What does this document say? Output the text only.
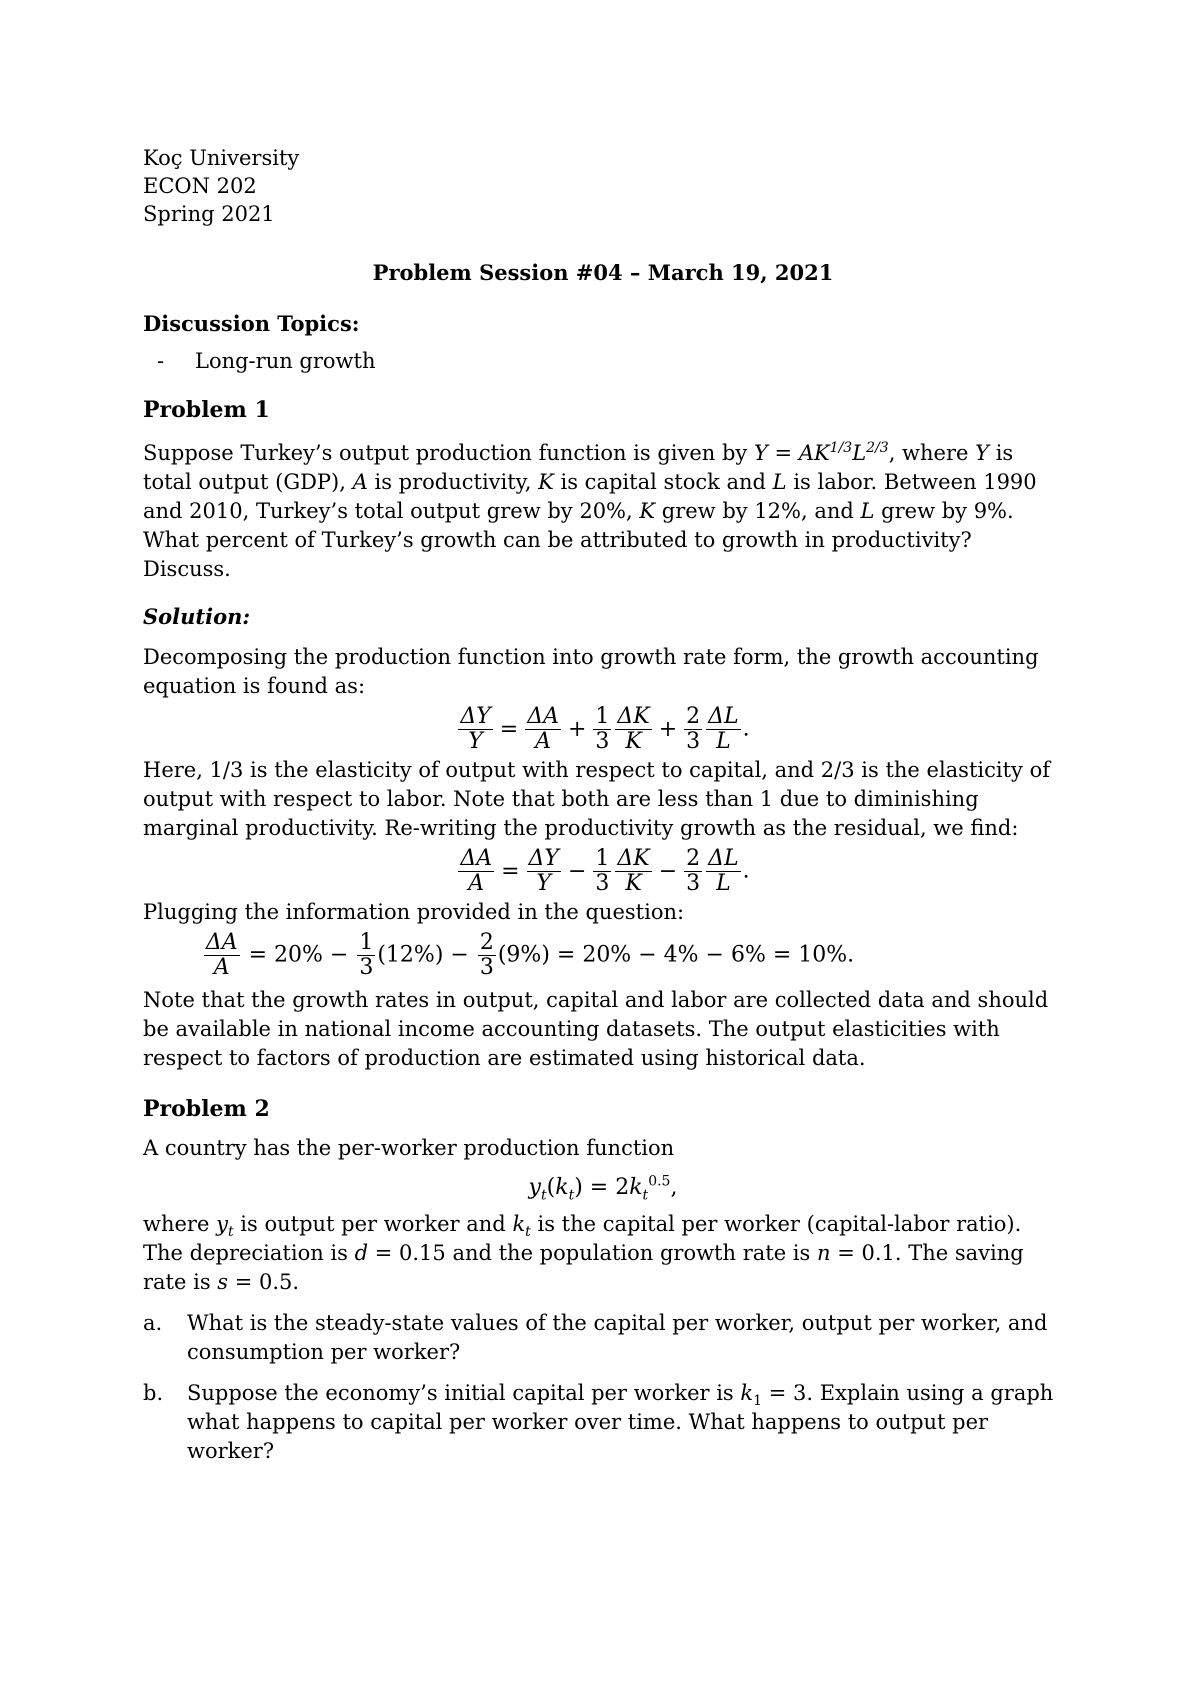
Koç University
ECON 202
Spring 2021
Problem Session #04 – March 19, 2021
Discussion Topics:
- Long-run growth
Problem 1

Suppose Turkey’s output production function is given by $Y = AK^{1/3}L^{2/3}$, where Y is total output (GDP), A is productivity, K is capital stock and L is labor. Between 1990 and 2010, Turkey’s total output grew by 20%, K grew by 12%, and L grew by 9%. What percent of Turkey’s growth can be attributed to growth in productivity? Discuss.

Solution:

Decomposing the production function into growth rate form, the growth accounting equation is found as:

$\frac{\Delta Y}{Y} = \frac{\Delta A}{A} + \frac{1}{3} \frac{\Delta K}{K} + \frac{2}{3} \frac{\Delta L}{L}$ .

Here, 1/3 is the elasticity of output with respect to capital, and 2/3 is the elasticity of output with respect to labor. Note that both are less than 1 due to diminishing marginal productivity. Re-writing the productivity growth as the residual, we find:

$\frac{\Delta A}{A} = \frac{\Delta Y}{Y} - \frac{1}{3} \frac{\Delta K}{K} - \frac{2}{3} \frac{\Delta L}{L}$ .

Plugging the information provided in the question:

$\frac{\Delta A}{A} = 20\% - \frac{1}{3} (12\%) - \frac{2}{3} (9\%) = 20\% - 4\% - 6\% = 10\%$.

Note that the growth rates in output, capital and labor are collected data and should be available in national income accounting datasets. The output elasticities with respect to factors of production are estimated using historical data.

Problem 2

A country has the per-worker production function

$y_t(k_t) = 2k_t^{0.5}$,

where $y_t$ is output per worker and $k_t$ is the capital per worker (capital-labor ratio). The depreciation is d = 0.15 and the population growth rate is n = 0.1. The saving rate is s = 0.5.

a.	What is the steady-state values of the capital per worker, output per worker, and consumption per worker?
b.	Suppose the economy’s initial capital per worker is $k_1 = 3$. Explain using a graph what happens to capital per worker over time. What happens to output per worker?
